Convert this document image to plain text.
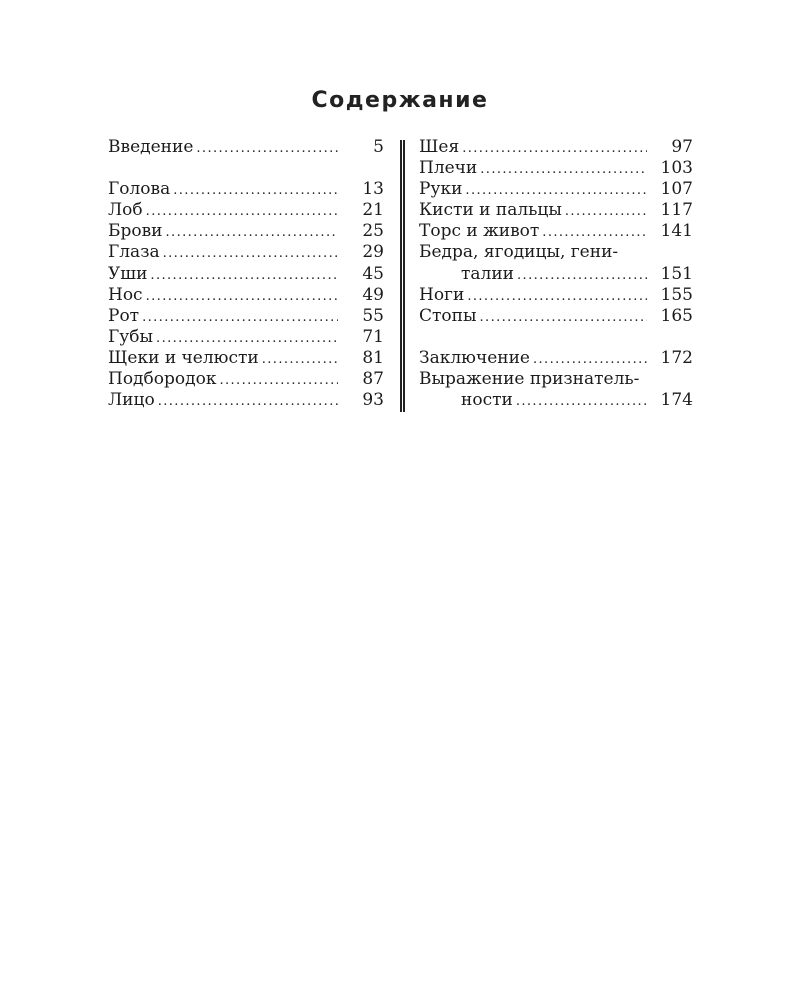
Содержание
Введение .....	5
Голова .....	13
Лоб .....	21
Брови .....	25
Глаза .....	29
Уши .....	45
Нос .....	49
Рот .....	55
Губы .....	71
Щеки и челюсти .....	81
Подбородок .....	87
Лицо .....	93
Шея .....	97
Плечи .....	103
Руки .....	107
Кисти и пальцы .....	117
Торс и живот .....	141
Бедра, ягодицы, гени-
талии .....	151
Ноги .....	155
Стопы .....	165
Заключение .....	172
Выражение признатель-
ности .....	174
